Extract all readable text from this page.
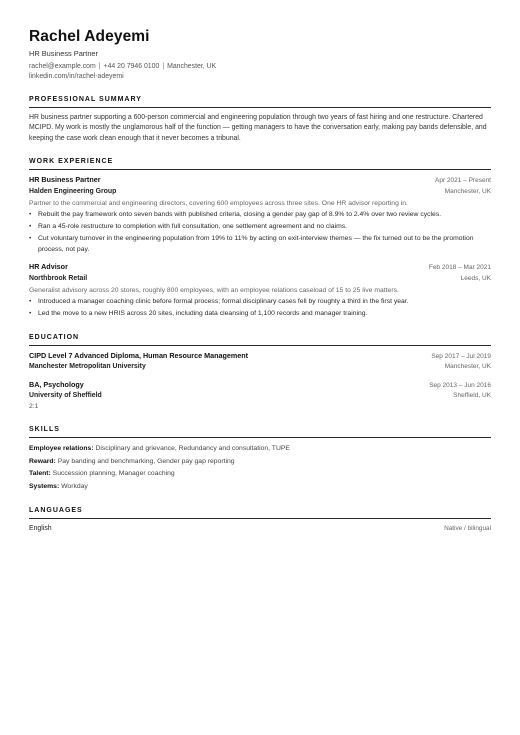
Rachel Adeyemi
HR Business Partner
rachel@example.com | +44 20 7946 0100 | Manchester, UK
linkedin.com/in/rachel-adeyemi
PROFESSIONAL SUMMARY
HR business partner supporting a 600-person commercial and engineering population through two years of fast hiring and one restructure. Chartered MCIPD. My work is mostly the unglamorous half of the function — getting managers to have the conversation early, making pay bands defensible, and keeping the case work clean enough that it never becomes a tribunal.
WORK EXPERIENCE
HR Business Partner	Apr 2021 – Present
Halden Engineering Group	Manchester, UK
Partner to the commercial and engineering directors, covering 600 employees across three sites. One HR advisor reporting in.
• Rebuilt the pay framework onto seven bands with published criteria, closing a gender pay gap of 8.9% to 2.4% over two review cycles.
• Ran a 45-role restructure to completion with full consultation, one settlement agreement and no claims.
• Cut voluntary turnover in the engineering population from 19% to 11% by acting on exit-interview themes — the fix turned out to be the promotion process, not pay.
HR Advisor	Feb 2018 – Mar 2021
Northbrook Retail	Leeds, UK
Generalist advisory across 20 stores, roughly 800 employees, with an employee relations caseload of 15 to 25 live matters.
• Introduced a manager coaching clinic before formal process; formal disciplinary cases fell by roughly a third in the first year.
• Led the move to a new HRIS across 20 sites, including data cleansing of 1,100 records and manager training.
EDUCATION
CIPD Level 7 Advanced Diploma, Human Resource Management	Sep 2017 – Jul 2019
Manchester Metropolitan University	Manchester, UK
BA, Psychology	Sep 2013 – Jun 2016
University of Sheffield	Sheffield, UK
2:1
SKILLS
Employee relations: Disciplinary and grievance, Redundancy and consultation, TUPE
Reward: Pay banding and benchmarking, Gender pay gap reporting
Talent: Succession planning, Manager coaching
Systems: Workday
LANGUAGES
English	Native / bilingual
